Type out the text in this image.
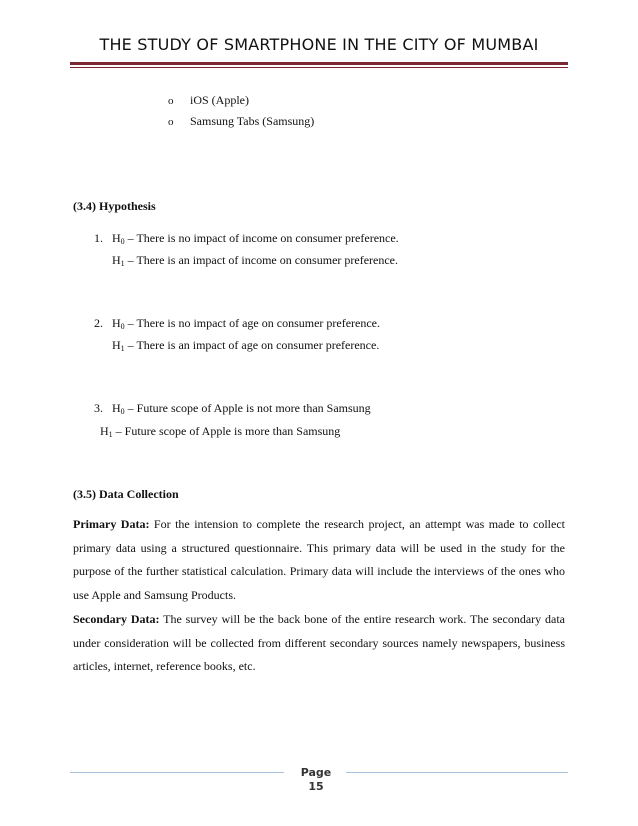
THE STUDY OF SMARTPHONE IN THE CITY OF MUMBAI
o iOS (Apple)
o Samsung Tabs (Samsung)
(3.4) Hypothesis
1. $H_0$ – There is no impact of income on consumer preference.
$H_1$ – There is an impact of income on consumer preference.
2. $H_0$ – There is no impact of age on consumer preference.
$H_1$ – There is an impact of age on consumer preference.
3. $H_0$ – Future scope of Apple is not more than Samsung
$H_1$ – Future scope of Apple is more than Samsung
(3.5) Data Collection
Primary Data: For the intension to complete the research project, an attempt was made to collect primary data using a structured questionnaire. This primary data will be used in the study for the purpose of the further statistical calculation. Primary data will include the interviews of the ones who use Apple and Samsung Products.
Secondary Data: The survey will be the back bone of the entire research work. The secondary data under consideration will be collected from different secondary sources namely newspapers, business articles, internet, reference books, etc.
Page
15
